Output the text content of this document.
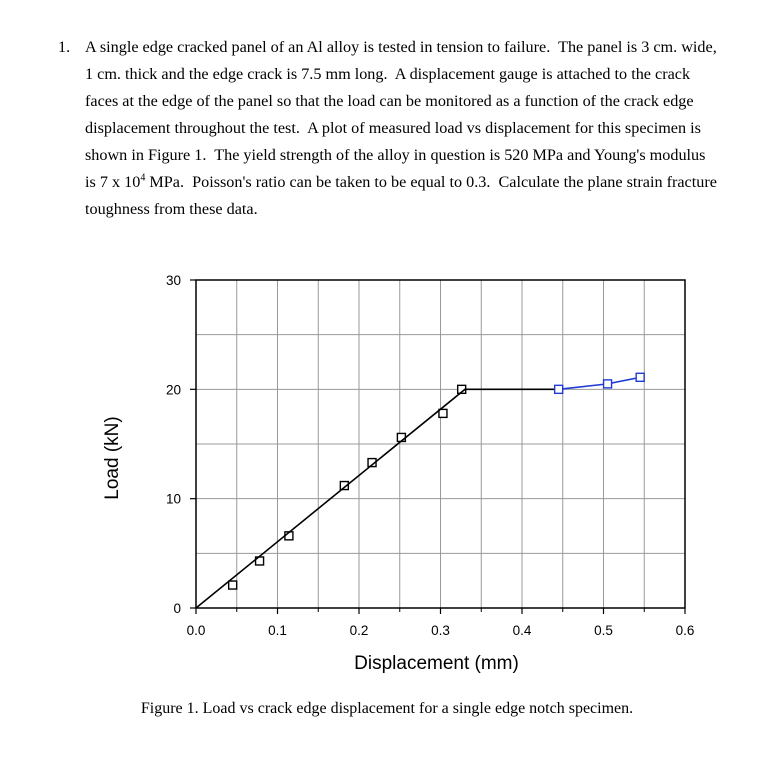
1. A single edge cracked panel of an Al alloy is tested in tension to failure. The panel is 3 cm. wide, 1 cm. thick and the edge crack is 7.5 mm long. A displacement gauge is attached to the crack faces at the edge of the panel so that the load can be monitored as a function of the crack edge displacement throughout the test. A plot of measured load vs displacement for this specimen is shown in Figure 1. The yield strength of the alloy in question is 520 MPa and Young's modulus is 7 x $10^4$ MPa. Poisson's ratio can be taken to be equal to 0.3. Calculate the plane strain fracture toughness from these data.
0.0	0.1	0.2	0.3	0.4	0.5	0.6
0
10
20
30
Displacement (mm)
Load (kN)
Figure 1. Load vs crack edge displacement for a single edge notch specimen.
